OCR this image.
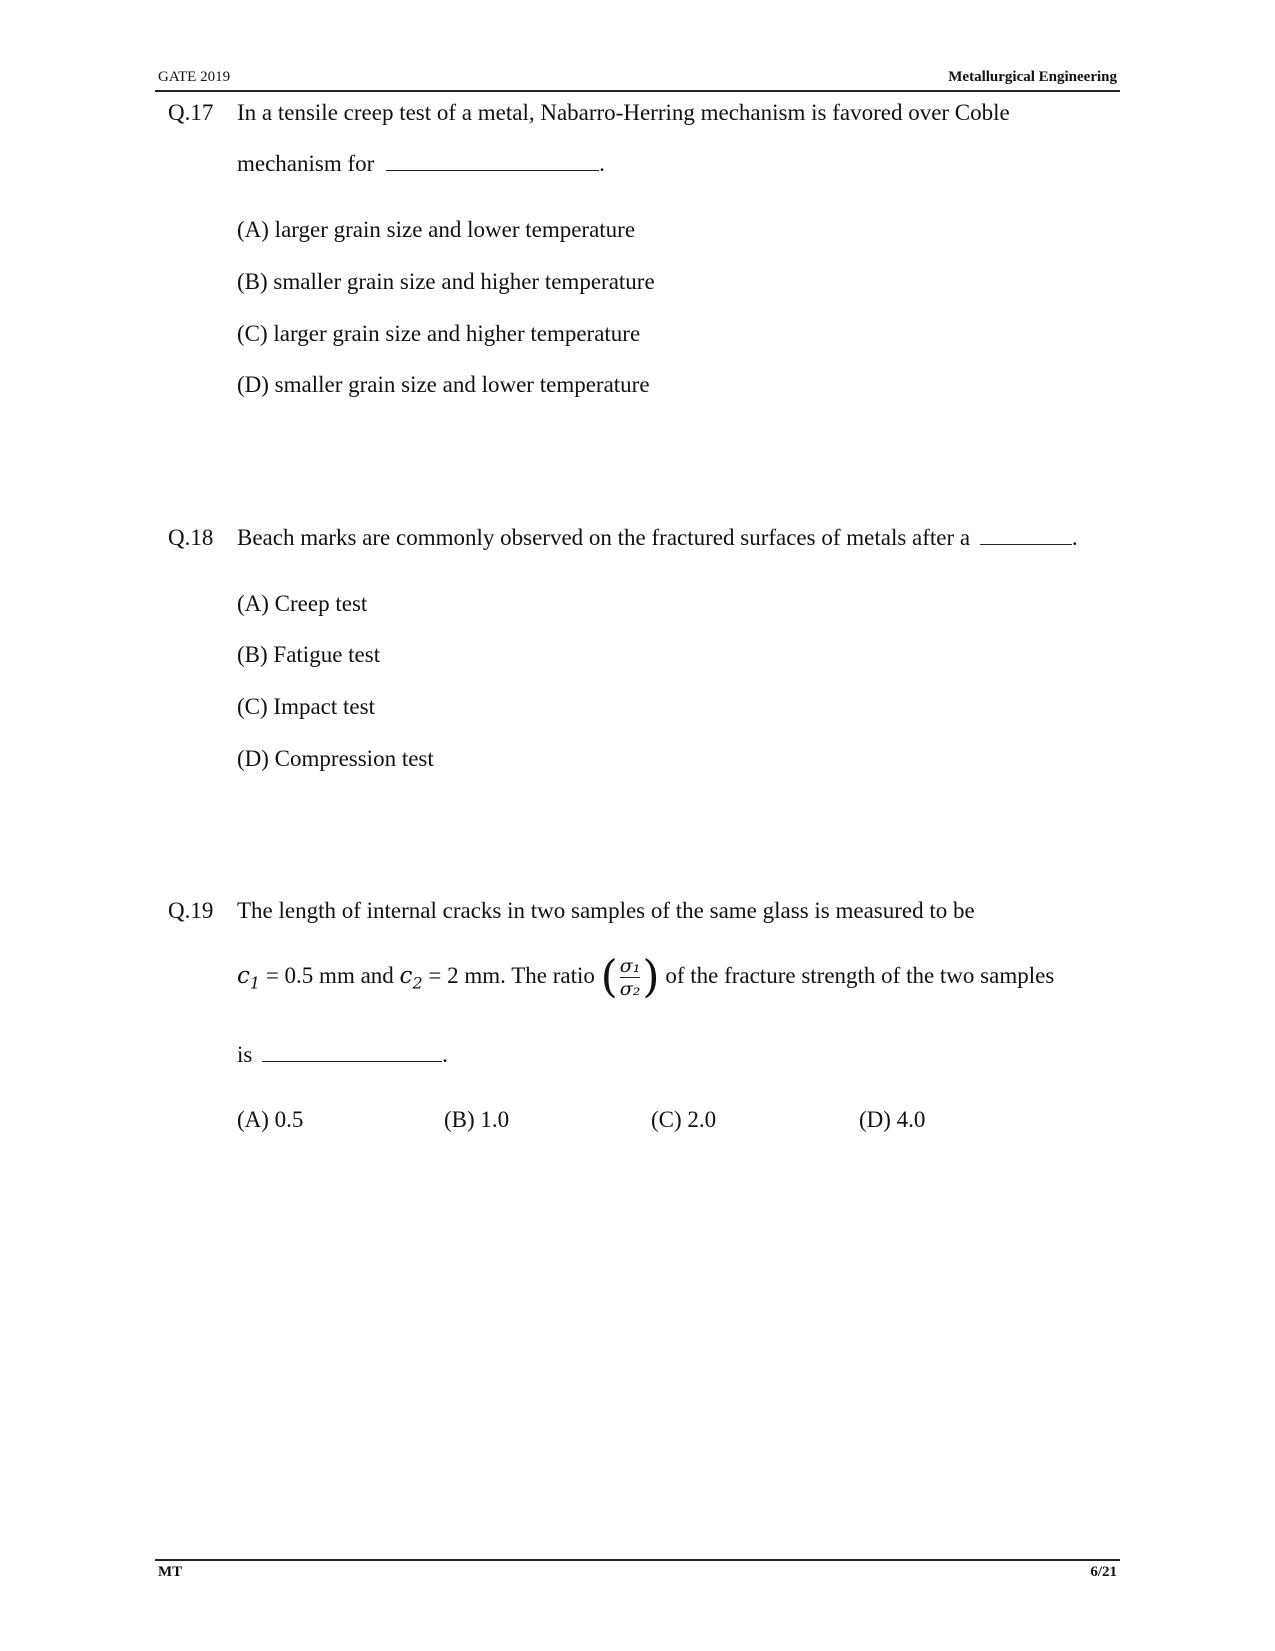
GATE 2019	Metallurgical Engineering
Q.17 In a tensile creep test of a metal, Nabarro-Herring mechanism is favored over Coble
mechanism for	.
(A) larger grain size and lower temperature
(B) smaller grain size and higher temperature
(C) larger grain size and higher temperature
(D) smaller grain size and lower temperature
Q.18 Beach marks are commonly observed on the fractured surfaces of metals after a	.
(A) Creep test
(B) Fatigue test
(C) Impact test
(D) Compression test
Q.19 The length of internal cracks in two samples of the same glass is measured to be
$c_1 = 0.5$ mm and $c_2 = 2$ mm. The ratio ( $\frac{\text{σ₁}}{\text{σ₂}}$ ) of the fracture strength of the two samples
is	.
(A) 0.5	(B) 1.0	(C) 2.0	(D) 4.0
MT	6/21
